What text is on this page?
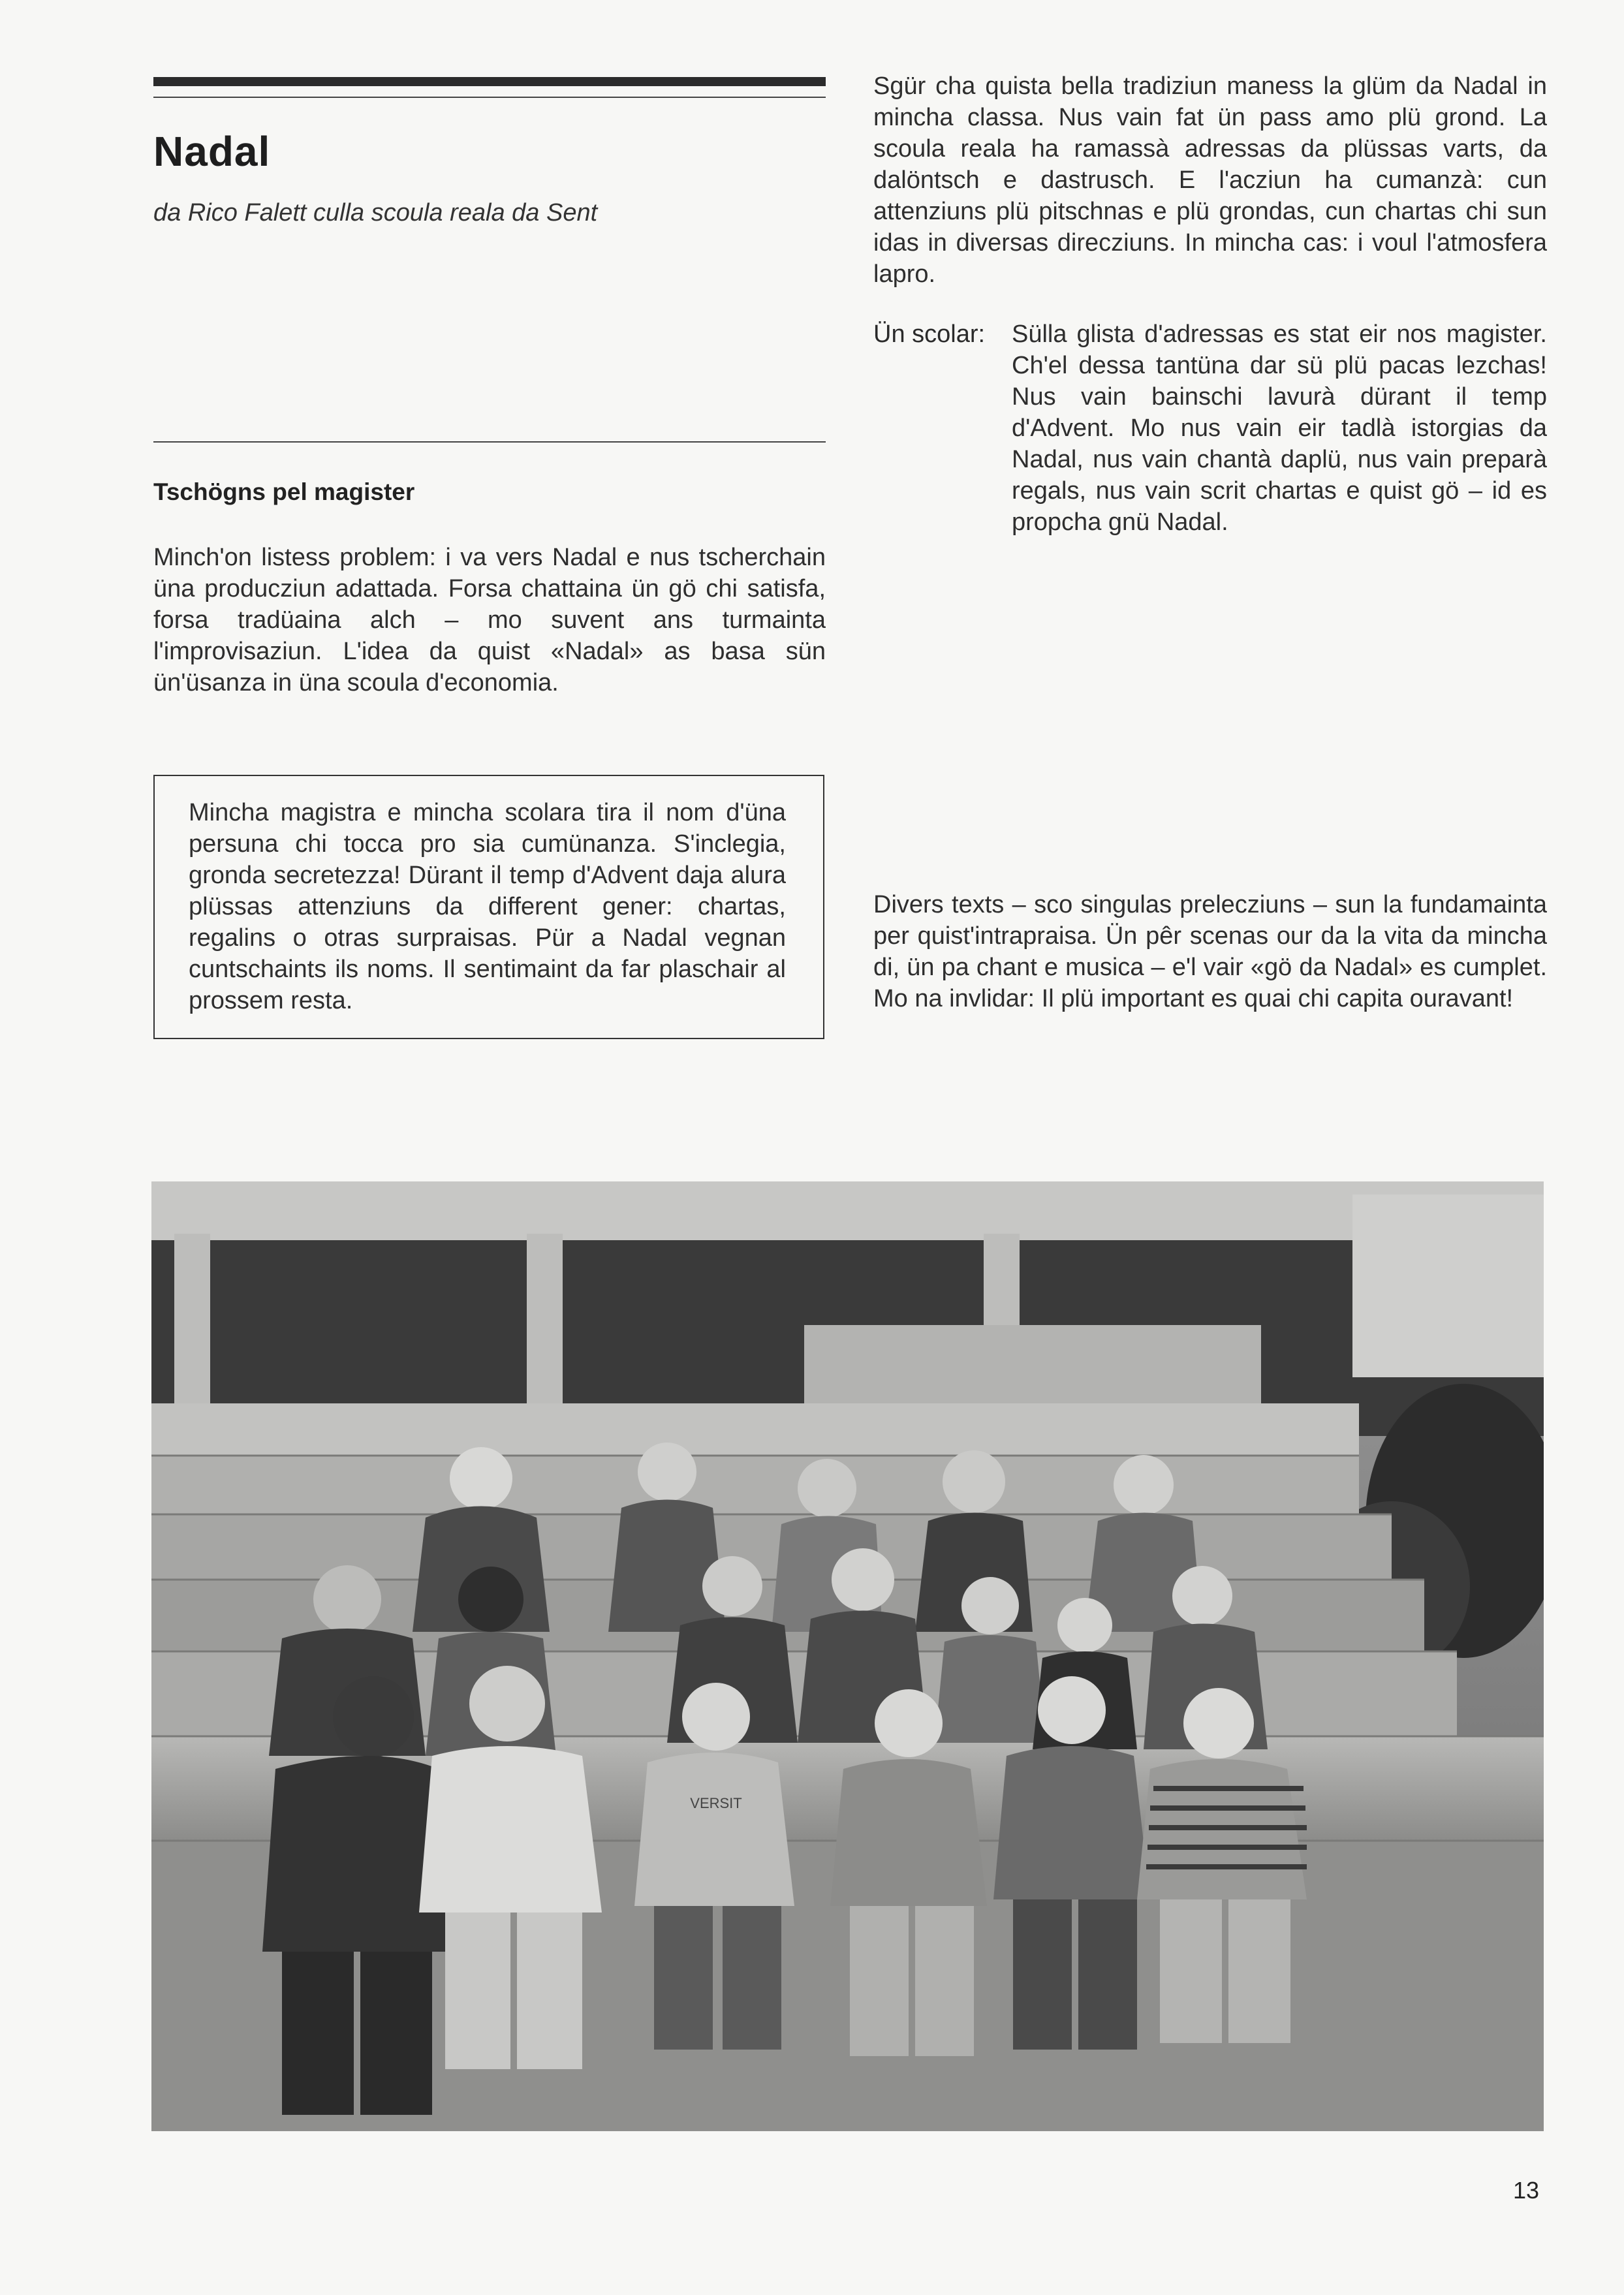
Nadal
da Rico Falett culla scoula reala da Sent
Tschögns pel magister
Minch'on listess problem: i va vers Nadal e nus tscherchain üna producziun adattada. Forsa chattaina ün gö chi satisfa, forsa tradüaina alch – mo suvent ans turmainta l'improvisaziun. L'idea da quist «Nadal» as basa sün ün'üsanza in üna scoula d'economia.
Mincha magistra e mincha scolara tira il nom d'üna persuna chi tocca pro sia cumünanza. S'inclegia, gronda secretezza! Dürant il temp d'Advent daja alura plüssas attenziuns da different gener: chartas, regalins o otras surpraisas. Pür a Nadal vegnan cuntschaints ils noms. Il sentimaint da far plaschair al prossem resta.
Sgür cha quista bella tradiziun maness la glüm da Nadal in mincha classa. Nus vain fat ün pass amo plü grond. La scoula reala ha ramassà adressas da plüssas varts, da dalöntsch e dastrusch. E l'acziun ha cumanzà: cun attenziuns plü pitschnas e plü grondas, cun chartas chi sun idas in diversas direcziuns. In mincha cas: i voul l'atmosfera lapro.
Ün scolar: Sülla glista d'adressas es stat eir nos magister. Ch'el dessa tantüna dar sü plü pacas lezchas! Nus vain bainschi lavurà dürant il temp d'Advent. Mo nus vain eir tadlà istorgias da Nadal, nus vain chantà daplü, nus vain preparà regals, nus vain scrit chartas e quist gö – id es propcha gnü Nadal.
Divers texts – sco singulas prelecziuns – sun la fundamainta per quist'intrapraisa. Ün pêr scenas our da la vita da mincha di, ün pa chant e musica – e'l vair «gö da Nadal» es cumplet. Mo na invlidar: Il plü important es quai chi capita ouravant!
VERSIT
13
